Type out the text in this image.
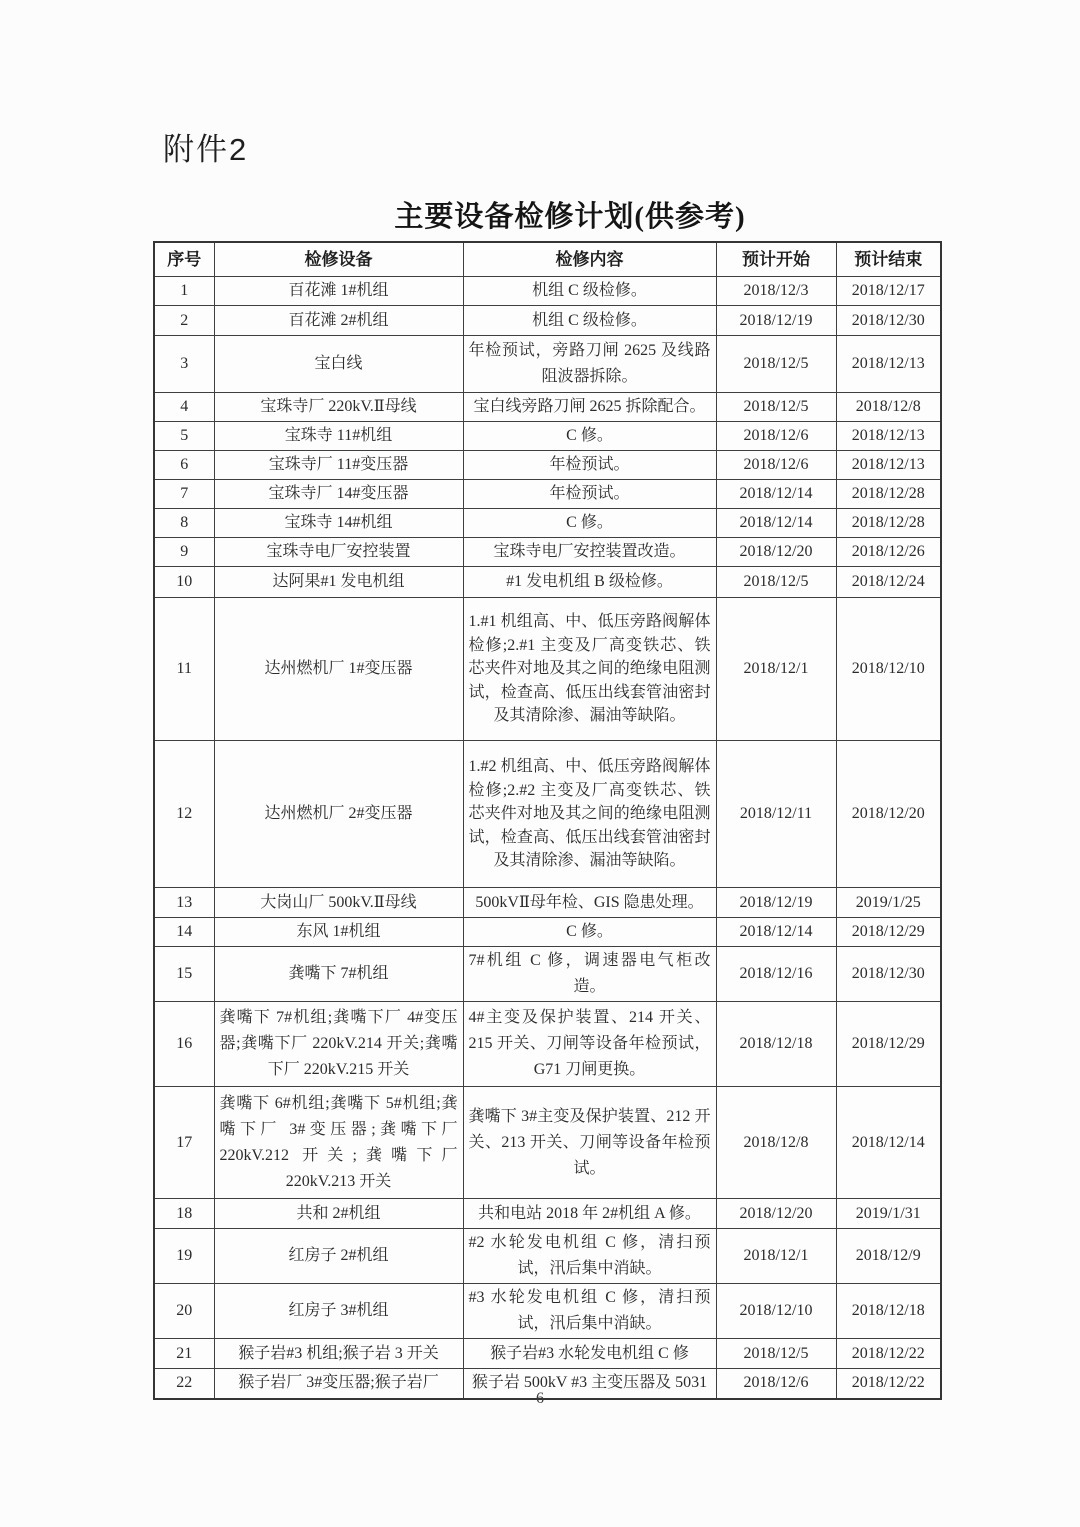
附件2
主要设备检修计划(供参考)
序号	检修设备	检修内容	预计开始	预计结束
1	百花滩 1#机组	机组 C 级检修。	2018/12/3	2018/12/17
2	百花滩 2#机组	机组 C 级检修。	2018/12/19	2018/12/30
3	宝白线	年检预试，旁路刀闸 2625 及线路阻波器拆除。	2018/12/5	2018/12/13
4	宝珠寺厂 220kV.Ⅱ母线	宝白线旁路刀闸 2625 拆除配合。	2018/12/5	2018/12/8
5	宝珠寺 11#机组	C 修。	2018/12/6	2018/12/13
6	宝珠寺厂 11#变压器	年检预试。	2018/12/6	2018/12/13
7	宝珠寺厂 14#变压器	年检预试。	2018/12/14	2018/12/28
8	宝珠寺 14#机组	C 修。	2018/12/14	2018/12/28
9	宝珠寺电厂安控装置	宝珠寺电厂安控装置改造。	2018/12/20	2018/12/26
10	达阿果#1 发电机组	#1 发电机组 B 级检修。	2018/12/5	2018/12/24
11	达州燃机厂 1#变压器	1.#1 机组高、中、低压旁路阀解体检修;2.#1 主变及厂高变铁芯、铁芯夹件对地及其之间的绝缘电阻测试，检查高、低压出线套管油密封及其清除渗、漏油等缺陷。	2018/12/1	2018/12/10
12	达州燃机厂 2#变压器	1.#2 机组高、中、低压旁路阀解体检修;2.#2 主变及厂高变铁芯、铁芯夹件对地及其之间的绝缘电阻测试，检查高、低压出线套管油密封及其清除渗、漏油等缺陷。	2018/12/11	2018/12/20
13	大岗山厂 500kV.Ⅱ母线	500kVⅡ母年检、GIS 隐患处理。	2018/12/19	2019/1/25
14	东风 1#机组	C 修。	2018/12/14	2018/12/29
15	龚嘴下 7#机组	7#机组 C 修，调速器电气柜改造。	2018/12/16	2018/12/30
16	龚嘴下 7#机组;龚嘴下厂 4#变压器;龚嘴下厂 220kV.214 开关;龚嘴下厂 220kV.215 开关	4#主变及保护装置、214 开关、215 开关、刀闸等设备年检预试，G71 刀闸更换。	2018/12/18	2018/12/29
17	龚嘴下 6#机组;龚嘴下 5#机组;龚嘴下厂 3#变压器;龚嘴下厂 220kV.212 开关;龚嘴下厂 220kV.213 开关	龚嘴下 3#主变及保护装置、212 开关、213 开关、刀闸等设备年检预试。	2018/12/8	2018/12/14
18	共和 2#机组	共和电站 2018 年 2#机组 A 修。	2018/12/20	2019/1/31
19	红房子 2#机组	#2 水轮发电机组 C 修，清扫预试，汛后集中消缺。	2018/12/1	2018/12/9
20	红房子 3#机组	#3 水轮发电机组 C 修，清扫预试，汛后集中消缺。	2018/12/10	2018/12/18
21	猴子岩#3 机组;猴子岩 3 开关	猴子岩#3 水轮发电机组 C 修	2018/12/5	2018/12/22
22	猴子岩厂 3#变压器;猴子岩厂	猴子岩 500kV #3 主变压器及 5031	2018/12/6	2018/12/22
6
